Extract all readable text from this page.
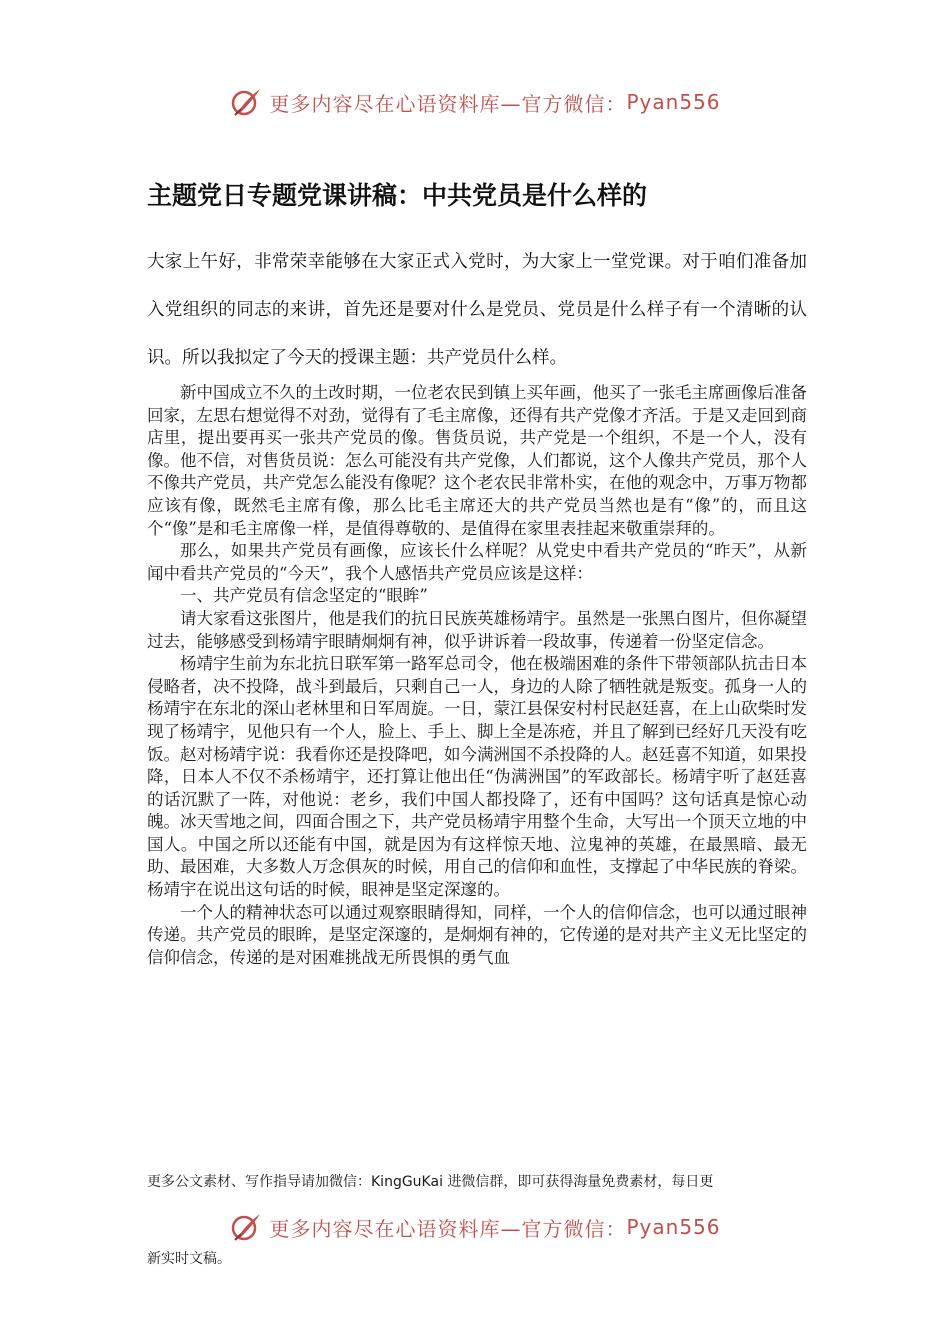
更多内容尽在心语资料库—官方微信： Pyan556
主题党日专题党课讲稿：中共党员是什么样的

大家上午好，非常荣幸能够在大家正式入党时，为大家上一堂党课。对于咱们准备加入党组织的同志的来讲，首先还是要对什么是党员、党员是什么样子有一个清晰的认识。所以我拟定了今天的授课主题：共产党员什么样。

新中国成立不久的土改时期，一位老农民到镇上买年画，他买了一张毛主席画像后准备回家，左思右想觉得不对劲，觉得有了毛主席像，还得有共产党像才齐活。于是又走回到商店里，提出要再买一张共产党员的像。售货员说，共产党是一个组织，不是一个人，没有像。他不信，对售货员说：怎么可能没有共产党像，人们都说，这个人像共产党员，那个人不像共产党员，共产党怎么能没有像呢？这个老农民非常朴实，在他的观念中，万事万物都应该有像，既然毛主席有像，那么比毛主席还大的共产党员当然也是有“像”的，而且这个“像”是和毛主席像一样，是值得尊敬的、是值得在家里表挂起来敬重崇拜的。

那么，如果共产党员有画像，应该长什么样呢？从党史中看共产党员的“昨天”，从新闻中看共产党员的“今天”，我个人感悟共产党员应该是这样：

一、共产党员有信念坚定的“眼眸”

请大家看这张图片，他是我们的抗日民族英雄杨靖宇。虽然是一张黑白图片，但你凝望过去，能够感受到杨靖宇眼睛炯炯有神，似乎讲诉着一段故事，传递着一份坚定信念。

杨靖宇生前为东北抗日联军第一路军总司令，他在极端困难的条件下带领部队抗击日本侵略者，决不投降，战斗到最后，只剩自己一人，身边的人除了牺牲就是叛变。孤身一人的杨靖宇在东北的深山老林里和日军周旋。一日，蒙江县保安村村民赵廷喜，在上山砍柴时发现了杨靖宇，见他只有一个人，脸上、手上、脚上全是冻疮，并且了解到已经好几天没有吃饭。赵对杨靖宇说：我看你还是投降吧，如今满洲国不杀投降的人。赵廷喜不知道，如果投降，日本人不仅不杀杨靖宇，还打算让他出任“伪满洲国”的军政部长。杨靖宇听了赵廷喜的话沉默了一阵，对他说：老乡，我们中国人都投降了，还有中国吗？这句话真是惊心动魄。冰天雪地之间，四面合围之下，共产党员杨靖宇用整个生命，大写出一个顶天立地的中国人。中国之所以还能有中国，就是因为有这样惊天地、泣鬼神的英雄，在最黑暗、最无助、最困难，大多数人万念俱灰的时候，用自己的信仰和血性，支撑起了中华民族的脊梁。杨靖宇在说出这句话的时候，眼神是坚定深邃的。

一个人的精神状态可以通过观察眼睛得知，同样，一个人的信仰信念，也可以通过眼神传递。共产党员的眼眸，是坚定深邃的，是炯炯有神的，它传递的是对共产主义无比坚定的信仰信念，传递的是对困难挑战无所畏惧的勇气血

更多公文素材、写作指导请加微信：KingGuKai 进微信群，即可获得海量免费素材，每日更
更多内容尽在心语资料库—官方微信： Pyan556
新实时文稿。
